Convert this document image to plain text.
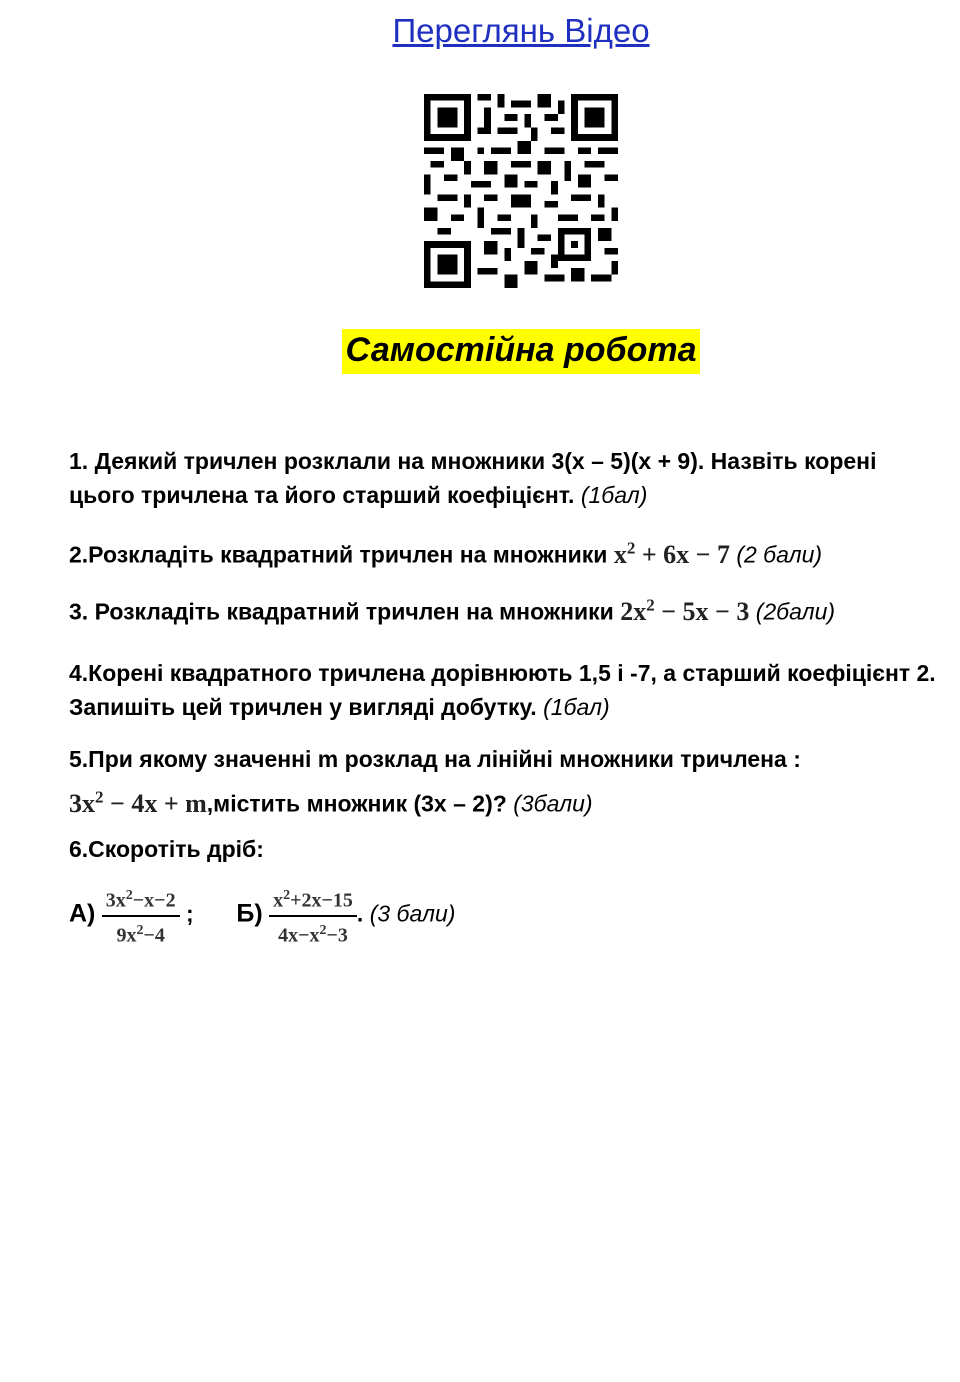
Переглянь Відео
Самостійна робота
1. Деякий тричлен розклали на множники 3(x – 5)(x + 9). Назвіть корені
цього тричлена та його старший коефіцієнт. (1бал)
2.Розкладіть квадратний тричлен на множники $x^2 + 6x - 7$ (2 бали)
3. Розкладіть квадратний тричлен на множники $2x^2 - 5x - 3$ (2бали)
4.Корені квадратного тричлена дорівнюють 1,5 і -7, а старший коефіцієнт 2.
Запишіть цей тричлен у вигляді добутку. (1бал)
5.При якому значенні m розклад на лінійні множники тричлена :
$3x^2 - 4x$ + m,містить множник (3x – 2)? (3бали)
6.Скоротіть дріб:
$А) \frac{3x^2-x-2}{9x^2-4}$ ; $Б) \frac{x^2+2x-15}{4x-x^2-3}$ . (3 бали)
